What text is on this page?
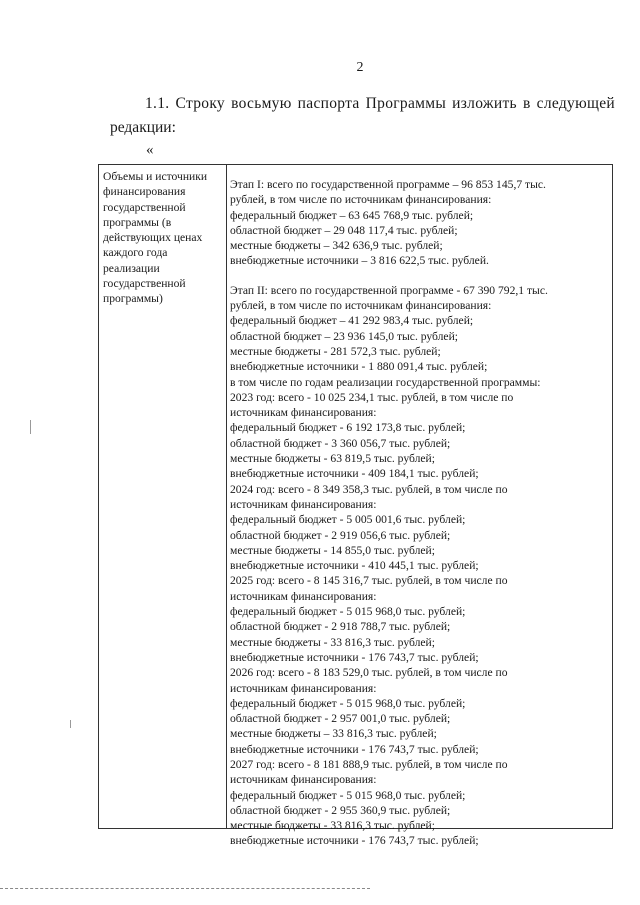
2
1.1. Строку восьмую паспорта Программы изложить в следующей
редакции:
«
Объемы и источники
финансирования
государственной
программы (в
действующих ценах
каждого года
реализации
государственной
программы)
Этап I: всего по государственной программе – 96 853 145,7 тыс.
рублей, в том числе по источникам финансирования:
федеральный бюджет – 63 645 768,9 тыс. рублей;
областной бюджет – 29 048 117,4 тыс. рублей;
местные бюджеты – 342 636,9 тыс. рублей;
внебюджетные источники – 3 816 622,5 тыс. рублей.
Этап II: всего по государственной программе - 67 390 792,1 тыс.
рублей, в том числе по источникам финансирования:
федеральный бюджет – 41 292 983,4 тыс. рублей;
областной бюджет – 23 936 145,0 тыс. рублей;
местные бюджеты - 281 572,3 тыс. рублей;
внебюджетные источники - 1 880 091,4 тыс. рублей;
в том числе по годам реализации государственной программы:
2023 год: всего - 10 025 234,1 тыс. рублей, в том числе по
источникам финансирования:
федеральный бюджет - 6 192 173,8 тыс. рублей;
областной бюджет - 3 360 056,7 тыс. рублей;
местные бюджеты - 63 819,5 тыс. рублей;
внебюджетные источники - 409 184,1 тыс. рублей;
2024 год: всего - 8 349 358,3 тыс. рублей, в том числе по
источникам финансирования:
федеральный бюджет - 5 005 001,6 тыс. рублей;
областной бюджет - 2 919 056,6 тыс. рублей;
местные бюджеты - 14 855,0 тыс. рублей;
внебюджетные источники - 410 445,1 тыс. рублей;
2025 год: всего - 8 145 316,7 тыс. рублей, в том числе по
источникам финансирования:
федеральный бюджет - 5 015 968,0 тыс. рублей;
областной бюджет - 2 918 788,7 тыс. рублей;
местные бюджеты - 33 816,3 тыс. рублей;
внебюджетные источники - 176 743,7 тыс. рублей;
2026 год: всего - 8 183 529,0 тыс. рублей, в том числе по
источникам финансирования:
федеральный бюджет - 5 015 968,0 тыс. рублей;
областной бюджет - 2 957 001,0 тыс. рублей;
местные бюджеты – 33 816,3 тыс. рублей;
внебюджетные источники - 176 743,7 тыс. рублей;
2027 год: всего - 8 181 888,9 тыс. рублей, в том числе по
источникам финансирования:
федеральный бюджет - 5 015 968,0 тыс. рублей;
областной бюджет - 2 955 360,9 тыс. рублей;
местные бюджеты - 33 816,3 тыс. рублей;
внебюджетные источники - 176 743,7 тыс. рублей;
